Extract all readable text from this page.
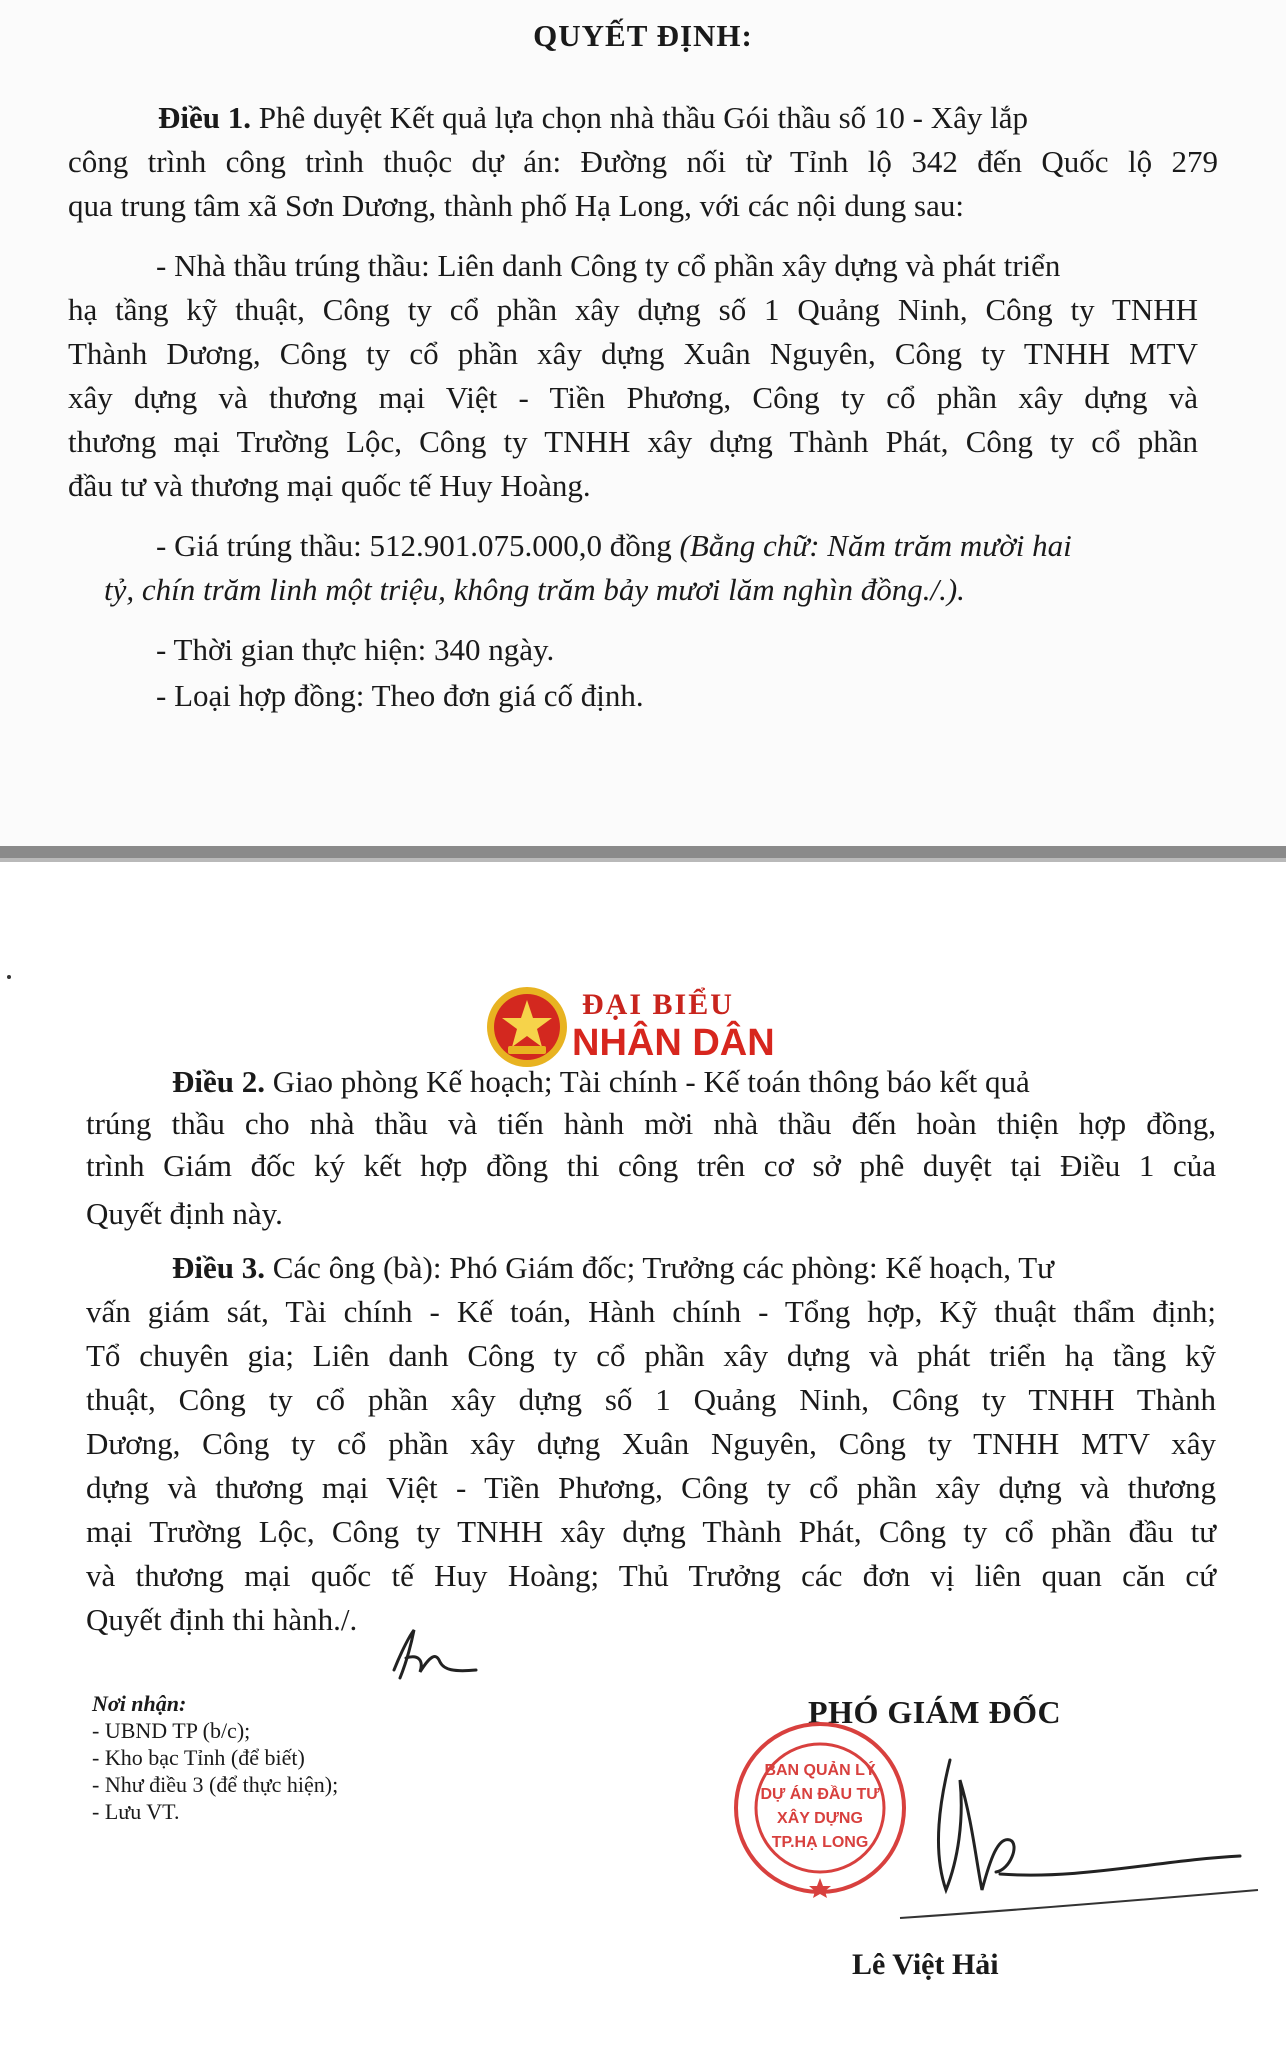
QUYẾT ĐỊNH:
Điều 1. Phê duyệt Kết quả lựa chọn nhà thầu Gói thầu số 10 - Xây lắp
công trình công trình thuộc dự án: Đường nối từ Tỉnh lộ 342 đến Quốc lộ 279
qua trung tâm xã Sơn Dương, thành phố Hạ Long, với các nội dung sau:
- Nhà thầu trúng thầu: Liên danh Công ty cổ phần xây dựng và phát triển
hạ tầng kỹ thuật, Công ty cổ phần xây dựng số 1 Quảng Ninh, Công ty TNHH
Thành Dương, Công ty cổ phần xây dựng Xuân Nguyên, Công ty TNHH MTV
xây dựng và thương mại Việt - Tiền Phương, Công ty cổ phần xây dựng và
thương mại Trường Lộc, Công ty TNHH xây dựng Thành Phát, Công ty cổ phần
đầu tư và thương mại quốc tế Huy Hoàng.
- Giá trúng thầu: 512.901.075.000,0 đồng (Bằng chữ: Năm trăm mười hai
tỷ, chín trăm linh một triệu, không trăm bảy mươi lăm nghìn đồng./.).
- Thời gian thực hiện: 340 ngày.
- Loại hợp đồng: Theo đơn giá cố định.
ĐẠI BIỂU
NHÂN DÂN
Điều 2. Giao phòng Kế hoạch; Tài chính - Kế toán thông báo kết quả
trúng thầu cho nhà thầu và tiến hành mời nhà thầu đến hoàn thiện hợp đồng,
trình Giám đốc ký kết hợp đồng thi công trên cơ sở phê duyệt tại Điều 1 của
Quyết định này.
Điều 3. Các ông (bà): Phó Giám đốc; Trưởng các phòng: Kế hoạch, Tư
vấn giám sát, Tài chính - Kế toán, Hành chính - Tổng hợp, Kỹ thuật thẩm định;
Tổ chuyên gia; Liên danh Công ty cổ phần xây dựng và phát triển hạ tầng kỹ
thuật, Công ty cổ phần xây dựng số 1 Quảng Ninh, Công ty TNHH Thành
Dương, Công ty cổ phần xây dựng Xuân Nguyên, Công ty TNHH MTV xây
dựng và thương mại Việt - Tiền Phương, Công ty cổ phần xây dựng và thương
mại Trường Lộc, Công ty TNHH xây dựng Thành Phát, Công ty cổ phần đầu tư
và thương mại quốc tế Huy Hoàng; Thủ Trưởng các đơn vị liên quan căn cứ
Quyết định thi hành./.
Nơi nhận:
- UBND TP (b/c);
- Kho bạc Tỉnh (để biết)
- Như điều 3 (để thực hiện);
- Lưu VT.
PHÓ GIÁM ĐỐC
BAN QUẢN LÝ
DỰ ÁN ĐẦU TƯ
XÂY DỰNG
TP.HẠ LONG
Lê Việt Hải
